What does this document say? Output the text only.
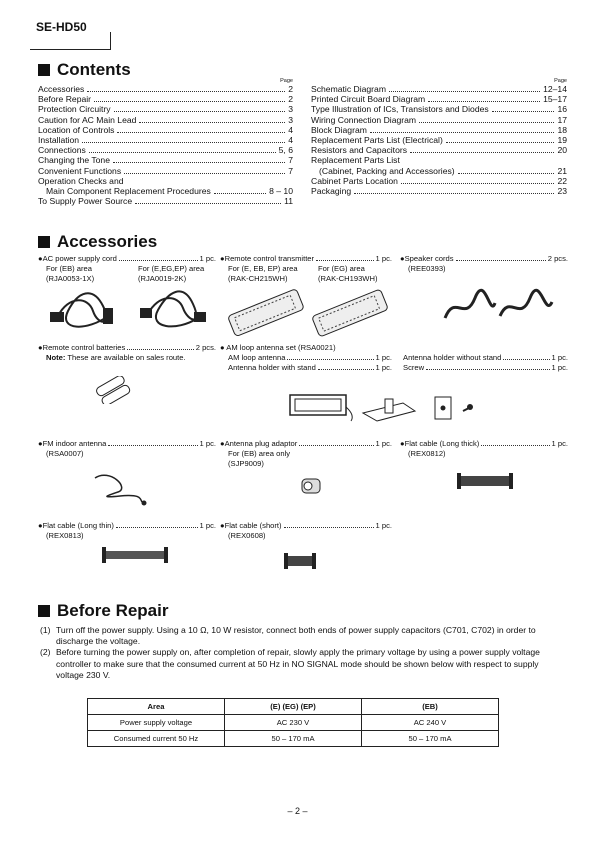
SE-HD50
Contents
Page
Accessories	2
Before Repair	2
Protection Circuitry	3
Caution for AC Main Lead	3
Location of Controls	4
Installation	4
Connections	5, 6
Changing the Tone	7
Convenient Functions	7
Operation Checks and
Main Component Replacement Procedures	8 – 10
To Supply Power Source	11
Page
Schematic Diagram	12–14
Printed Circuit Board Diagram	15–17
Type Illustration of ICs, Transistors and Diodes	16
Wiring Connection Diagram	17
Block Diagram	18
Replacement Parts List (Electrical)	19
Resistors and Capacitors	20
Replacement Parts List
(Cabinet, Packing and Accessories)	21
Cabinet Parts Location	22
Packaging	23
Accessories
● AC power supply cord	1 pc.
For (EB) area	For (E,EG,EP) area
(RJA0053-1X)	(RJA0019-2K)
● Remote control transmitter	1 pc.
For (E, EB, EP) area	For (EG) area
(RAK-CH215WH)	(RAK-CH193WH)
● Speaker cords	2 pcs.
(REE0393)
● Remote control batteries	2 pcs.
Note: These are available on sales route.
● AM loop antenna set (RSA0021)
AM loop antenna	1 pc. Antenna holder without stand	1 pc.
Antenna holder with stand	1 pc. Screw	1 pc.
● FM indoor antenna	1 pc.
(RSA0007)
● Antenna plug adaptor	1 pc.
For (EB) area only
(SJP9009)
● Flat cable (Long thick)	1 pc.
(REX0812)
● Flat cable (Long thin)	1 pc.
(REX0813)
● Flat cable (short)	1 pc.
(REX0608)
Before Repair
(1) Turn off the power supply. Using a 10 Ω, 10 W resistor, connect both ends of power supply capacitors (C701, C702) in order to
discharge the voltage.
(2) Before turning the power supply on, after completion of repair, slowly apply the primary voltage by using a power supply voltage
controller to make sure that the consumed current at 50 Hz in NO SIGNAL mode should be shown below with respect to supply
voltage 230 V.
Area	(E) (EG) (EP)	(EB)
Power supply voltage	AC 230 V	AC 240 V
Consumed current 50 Hz	50 – 170 mA	50 – 170 mA
– 2 –
